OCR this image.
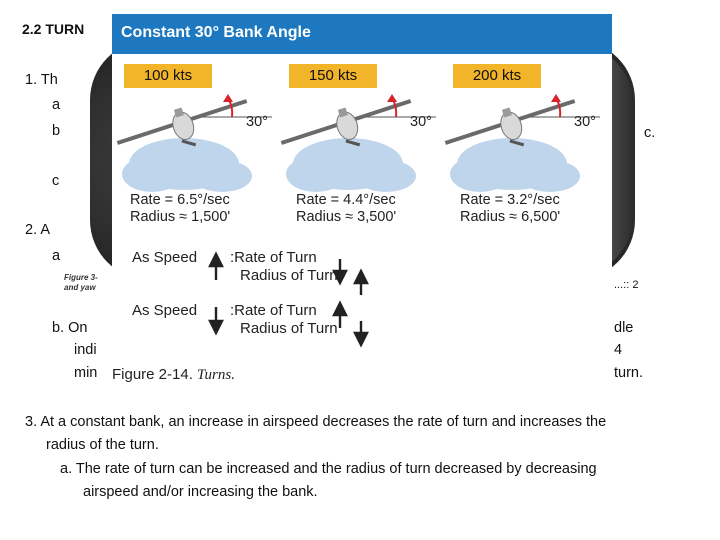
2.2 TURN
1. Th
a
b	c.
c
2. A
a
Figure 3-
and yaw	...:: 2
b. On	dle
indi	4
min	turn.
3. At a constant bank, an increase in airspeed decreases the rate of turn and increases the
radius of the turn.
a. The rate of turn can be increased and the radius of turn decreased by decreasing
airspeed and/or increasing the bank.
Constant 30° Bank Angle
100 kts	150 kts	200 kts
30°	30°	30°
Rate = 6.5°/sec
Radius ≈ 1,500'
Rate = 4.4°/sec
Radius ≈ 3,500'
Rate = 3.2°/sec
Radius ≈ 6,500'
As Speed :Rate of Turn
Radius of Turn
As Speed :Rate of Turn
Radius of Turn
Figure 2-14. Turns.
